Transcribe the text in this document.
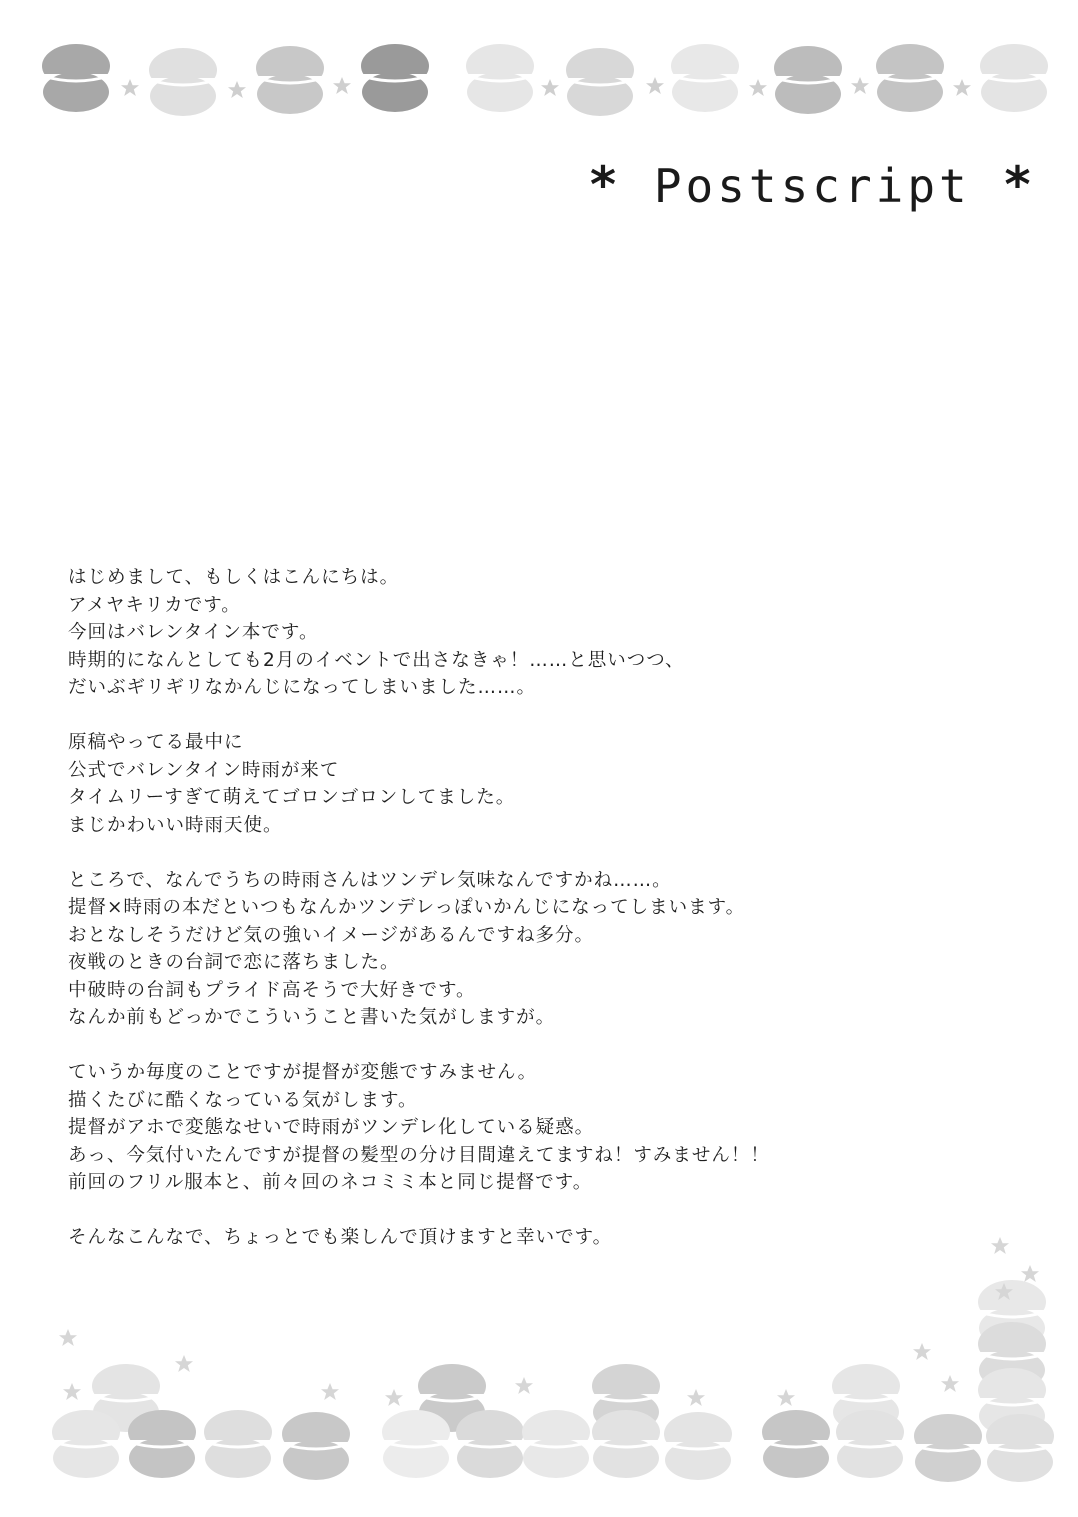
* Postscript *
はじめまして、もしくはこんにちは。
アメヤキリカです。
今回はバレンタイン本です。
時期的になんとしても2月のイベントで出さなきゃ！……と思いつつ、
だいぶギリギリなかんじになってしまいました……。
原稿やってる最中に
公式でバレンタイン時雨が来て
タイムリーすぎて萌えてゴロンゴロンしてました。
まじかわいい時雨天使。
ところで、なんでうちの時雨さんはツンデレ気味なんですかね……。
提督×時雨の本だといつもなんかツンデレっぽいかんじになってしまいます。
おとなしそうだけど気の強いイメージがあるんですね多分。
夜戦のときの台詞で恋に落ちました。
中破時の台詞もプライド高そうで大好きです。
なんか前もどっかでこういうこと書いた気がしますが。
ていうか毎度のことですが提督が変態ですみません。
描くたびに酷くなっている気がします。
提督がアホで変態なせいで時雨がツンデレ化している疑惑。
あっ、今気付いたんですが提督の髪型の分け目間違えてますね！すみません！！
前回のフリル服本と、前々回のネコミミ本と同じ提督です。
そんなこんなで、ちょっとでも楽しんで頂けますと幸いです。
